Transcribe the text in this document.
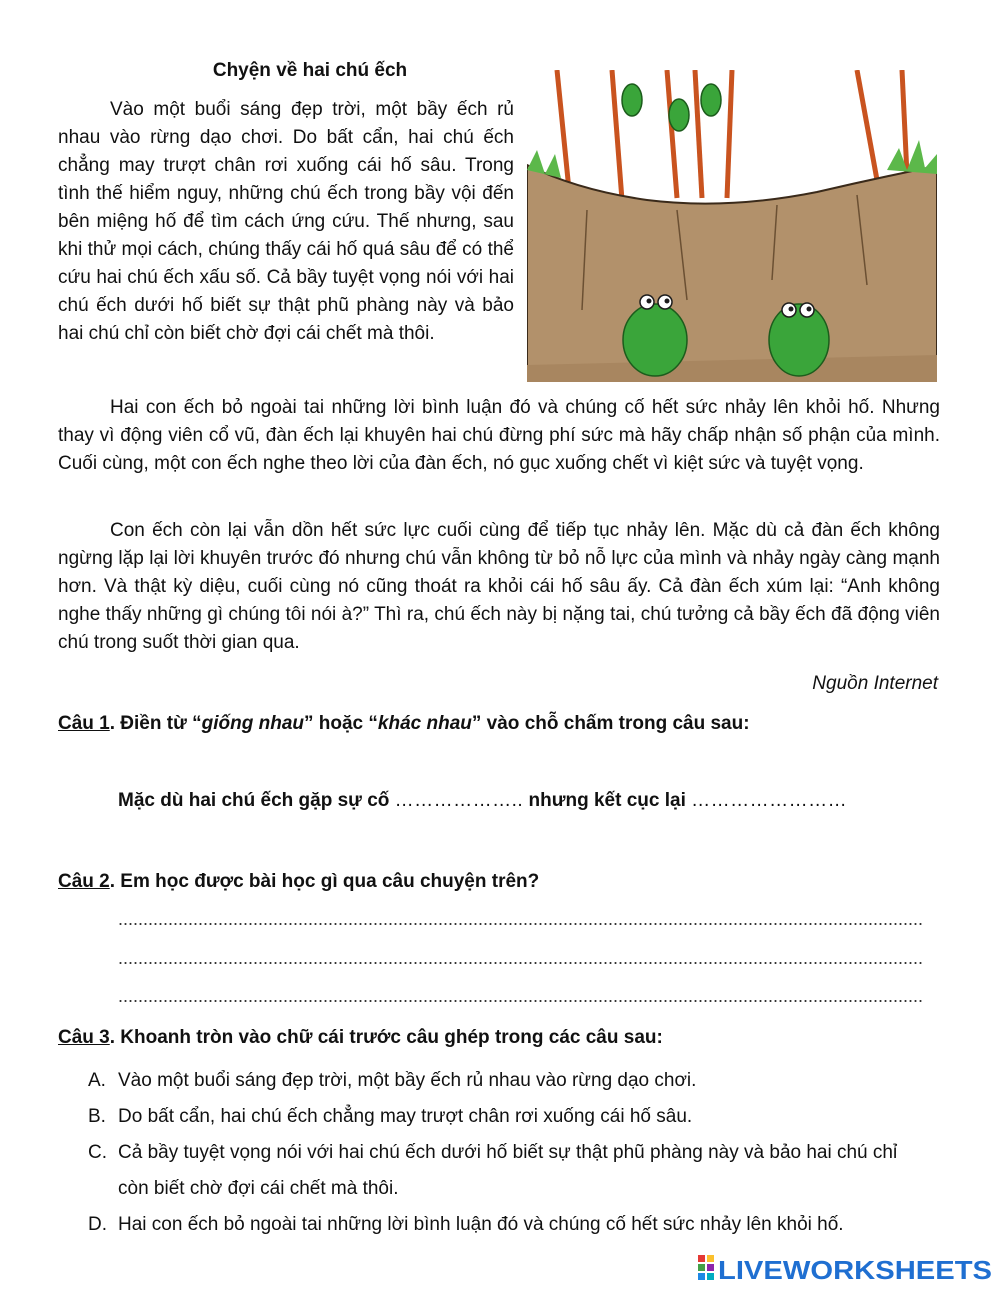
Chyện về hai chú ếch

Vào một buổi sáng đẹp trời, một bầy ếch rủ nhau vào rừng dạo chơi. Do bất cẩn, hai chú ếch chẳng may trượt chân rơi xuống cái hố sâu. Trong tình thế hiểm nguy, những chú ếch trong bầy vội đến bên miệng hố để tìm cách ứng cứu. Thế nhưng, sau khi thử mọi cách, chúng thấy cái hố quá sâu để có thể cứu hai chú ếch xấu số. Cả bầy tuyệt vọng nói với hai chú ếch dưới hố biết sự thật phũ phàng này và bảo hai chú chỉ còn biết chờ đợi cái chết mà thôi.

Hai con ếch bỏ ngoài tai những lời bình luận đó và chúng cố hết sức nhảy lên khỏi hố. Nhưng thay vì động viên cổ vũ, đàn ếch lại khuyên hai chú đừng phí sức mà hãy chấp nhận số phận của mình. Cuối cùng, một con ếch nghe theo lời của đàn ếch, nó gục xuống chết vì kiệt sức và tuyệt vọng.

Con ếch còn lại vẫn dồn hết sức lực cuối cùng để tiếp tục nhảy lên. Mặc dù cả đàn ếch không ngừng lặp lại lời khuyên trước đó nhưng chú vẫn không từ bỏ nỗ lực của mình và nhảy ngày càng mạnh hơn. Và thật kỳ diệu, cuối cùng nó cũng thoát ra khỏi cái hố sâu ấy. Cả đàn ếch xúm lại: “Anh không nghe thấy những gì chúng tôi nói à?” Thì ra, chú ếch này bị nặng tai, chú tưởng cả bầy ếch đã động viên chú trong suốt thời gian qua.

Nguồn Internet
Câu 1. Điền từ “giống nhau” hoặc “khác nhau” vào chỗ chấm trong câu sau:
Mặc dù hai chú ếch gặp sự cố ……………….. nhưng kết cục lại ……………………
Câu 2. Em học được bài học gì qua câu chuyện trên?
Câu 3. Khoanh tròn vào chữ cái trước câu ghép trong các câu sau:
A. Vào một buổi sáng đẹp trời, một bầy ếch rủ nhau vào rừng dạo chơi.
B. Do bất cẩn, hai chú ếch chẳng may trượt chân rơi xuống cái hố sâu.
C. Cả bầy tuyệt vọng nói với hai chú ếch dưới hố biết sự thật phũ phàng này và bảo hai chú chỉ còn biết chờ đợi cái chết mà thôi.
D. Hai con ếch bỏ ngoài tai những lời bình luận đó và chúng cố hết sức nhảy lên khỏi hố.
LIVEWORKSHEETS
